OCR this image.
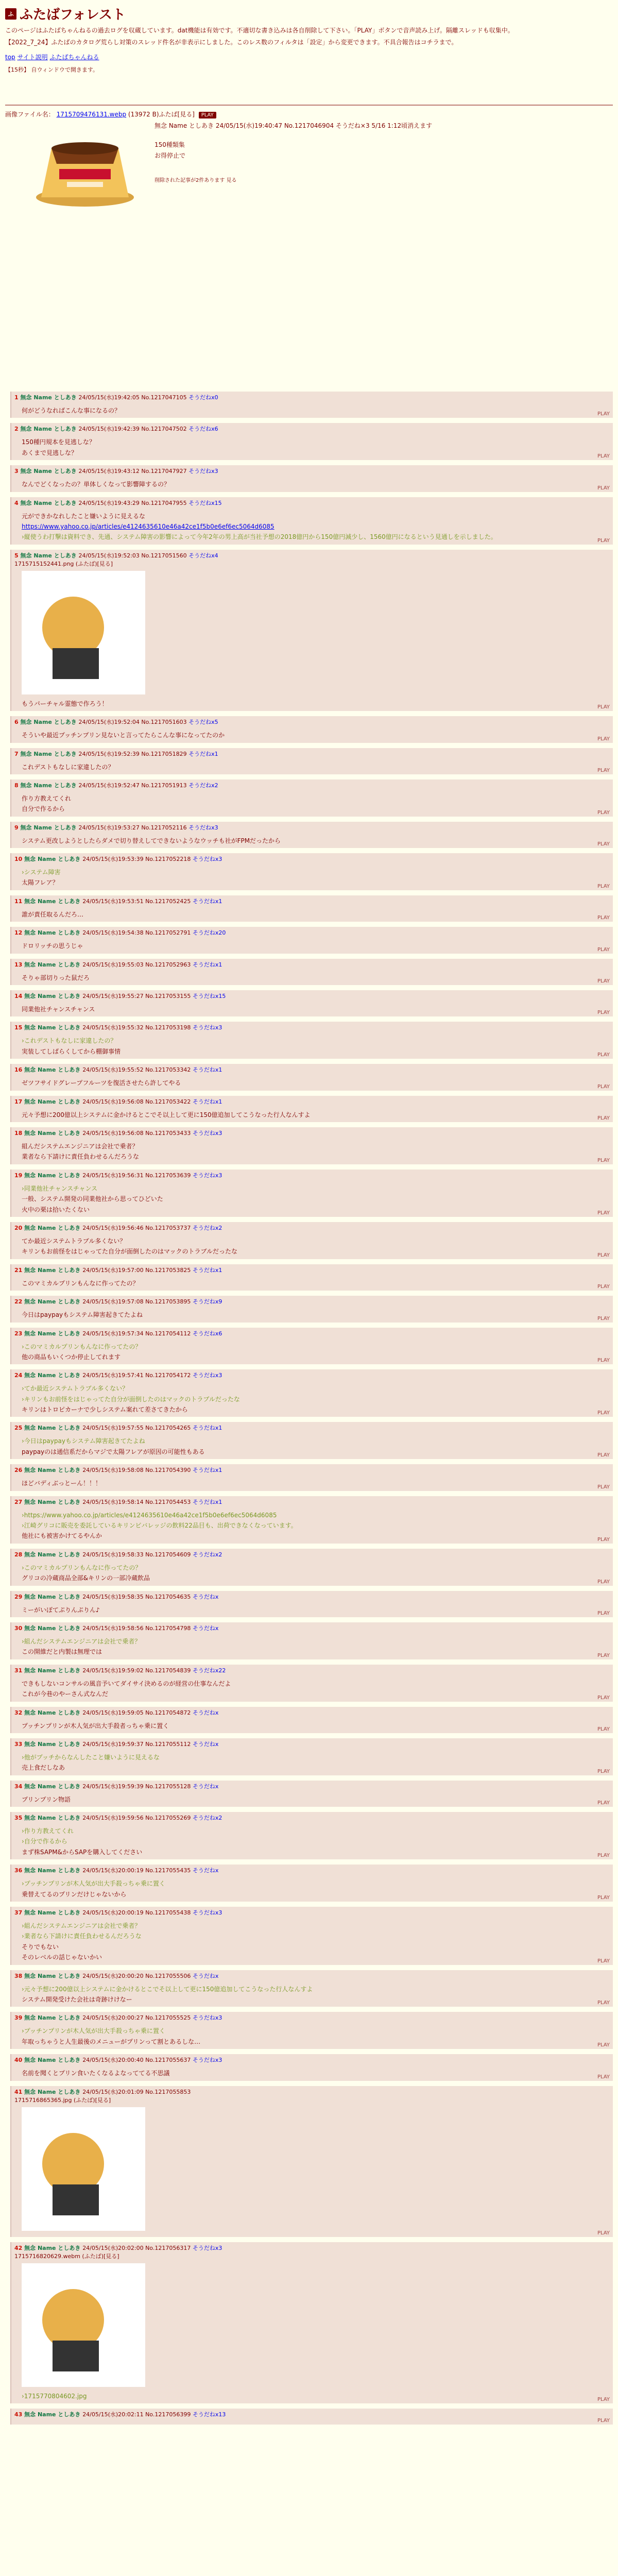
ふ ふたばフォレスト
このページはふたばちゃんねるの過去ログを収蔵しています。dat機能は有効です。不適切な書き込みは各自削除して下さい。「PLAY」ボタンで音声読み上げ。隔離スレッドも収集中。
【2022_7_24】ふたばのカタログ荒らし対策のスレッド件名が非表示にしました。このレス数のフィルタは「設定」から変更できます。不具合報告はコチラまで。
top サイト説明 ふたばちゃんねる
【15秒】 自ウィンドウで開きます。
画像ファイル名： 1715709476131.webp (13972 B)ふたば[見る] PLAY
無念 Name としあき 24/05/15(水)19:40:47 No.1217046904 そうだね×3 5/16 1:12頃消えます
150種類集
お得停止で
削除された記事が2件あります 見る
1 無念 Name としあき 24/05/15(水)19:42:05 No.1217047105 そうだねx0
何がどうなればこんな事になるの？	PLAY
2 無念 Name としあき 24/05/15(水)19:42:39 No.1217047502 そうだねx6
150種円規本を見逃しな？
あくまで見逃しな？	PLAY
3 無念 Name としあき 24/05/15(水)19:43:12 No.1217047927 そうだねx3
なんでどくなったの？単体しくなって影響障するの？	PLAY
4 無念 Name としあき 24/05/15(水)19:43:29 No.1217047955 そうだねx15
元ができかなれしたこと嫌いように見えるな
https://www.yahoo.co.jp/articles/e4124635610e46a42ce1f5b0e6ef6ec5064d6085
›縦使うわ打撃は資料でき、先通、システム障害の影響によって今年2年の男上高が当社予想の2018億円から150億円減少し、1560億円になるという見通しを示しました。	PLAY
5 無念 Name としあき 24/05/15(水)19:52:03 No.1217051560 そうだねx4
1715715152441.png (ふたば)[見る]
もうパーチャル霊態で作ろう！	PLAY
6 無念 Name としあき 24/05/15(水)19:52:04 No.1217051603 そうだねx5
そういや最近プッチンプリン見ないと言ってたらこんな事になってたのか	PLAY
7 無念 Name としあき 24/05/15(水)19:52:39 No.1217051829 そうだねx1
これデストもなしに家違したの？	PLAY
8 無念 Name としあき 24/05/15(水)19:52:47 No.1217051913 そうだねx2
作り方教えてくれ
自分で作るから	PLAY
9 無念 Name としあき 24/05/15(水)19:53:27 No.1217052116 そうだねx3
システム更改しようとしたらダメで切り替えしてできないようなウッチも社がFPMだったから	PLAY
10 無念 Name としあき 24/05/15(水)19:53:39 No.1217052218 そうだねx3
›システム障害
太陽フレア？	PLAY
11 無念 Name としあき 24/05/15(水)19:53:51 No.1217052425 そうだねx1
誰が責任取るんだろ…	PLAY
12 無念 Name としあき 24/05/15(水)19:54:38 No.1217052791 そうだねx20
ドロリッチの思うじゃ	PLAY
13 無念 Name としあき 24/05/15(水)19:55:03 No.1217052963 そうだねx1
そりゃ部切りった鼠だろ	PLAY
14 無念 Name としあき 24/05/15(水)19:55:27 No.1217053155 そうだねx15
同業他社チャンスチャンス	PLAY
15 無念 Name としあき 24/05/15(水)19:55:32 No.1217053198 そうだねx3
›これデストもなしに家違したの？
実装してしばらくしてから棚御事情	PLAY
16 無念 Name としあき 24/05/15(水)19:55:52 No.1217053342 そうだねx1
ゼツフサイドグレープフルーツを復活させたら許してやる	PLAY
17 無念 Name としあき 24/05/15(水)19:56:08 No.1217053422 そうだねx1
元々予想に200億以上システムに金かけるとこでそ以上して更に150億追加してこうなった行人なんすよ	PLAY
18 無念 Name としあき 24/05/15(水)19:56:08 No.1217053433 そうだねx3
組んだシステムエンジニアは会社で乗者？
業者なら下請けに責任負わせるんだろうな	PLAY
19 無念 Name としあき 24/05/15(水)19:56:31 No.1217053639 そうだねx3
›同業他社チャンスチャンス
一般、システム開発の同業他社から思ってひどいた
火中の栗は拾いたくない	PLAY
20 無念 Name としあき 24/05/15(水)19:56:46 No.1217053737 そうだねx2
てか最近システムトラブル多くない？
キリンもお前怪をはじゃってた自分が面倒したのはマックのトラブルだったな	PLAY
21 無念 Name としあき 24/05/15(水)19:57:00 No.1217053825 そうだねx1
このマミカルプリンもんなに作ってたの？	PLAY
22 無念 Name としあき 24/05/15(水)19:57:08 No.1217053895 そうだねx9
今日はpaypayもシステム障害起きてたよね	PLAY
23 無念 Name としあき 24/05/15(水)19:57:34 No.1217054112 そうだねx6
›このマミカルプリンもんなに作ってたの？
他の商品もいくつか停止してれます	PLAY
24 無念 Name としあき 24/05/15(水)19:57:41 No.1217054172 そうだねx3
›てか最近システムトラブル多くない？
›キリンもお前怪をはじゃってた自分が面倒したのはマックのトラブルだったな
キリンはトロピカーナで少しシステム案れて差さてきたから	PLAY
25 無念 Name としあき 24/05/15(水)19:57:55 No.1217054265 そうだねx1
›今日はpaypayもシステム障害起きてたよね
paypayのは通信系だからマジで太陽フレアが原因の可能性もある	PLAY
26 無念 Name としあき 24/05/15(水)19:58:08 No.1217054390 そうだねx1
ほどバディぶっとーん！！！	PLAY
27 無念 Name としあき 24/05/15(水)19:58:14 No.1217054453 そうだねx1
›https://www.yahoo.co.jp/articles/e4124635610e46a42ce1f5b0e6ef6ec5064d6085
›江崎グリコに販売を委託しているキリンビバレッジの飲料22品目も、出荷できなくなっています。
他社にも被害かけてるやんか	PLAY
28 無念 Name としあき 24/05/15(水)19:58:33 No.1217054609 そうだねx2
›このマミカルプリンもんなに作ってたの？
グリコの冷蔵商品全部&キリンの一部冷蔵飲品	PLAY
29 無念 Name としあき 24/05/15(水)19:58:35 No.1217054635 そうだねx
ミーがいぽてぷりんぷりん♪	PLAY
30 無念 Name としあき 24/05/15(水)19:58:56 No.1217054798 そうだねx
›組んだシステムエンジニアは会社で乗者？
この開維だと内製は無理では	PLAY
31 無念 Name としあき 24/05/15(水)19:59:02 No.1217054839 そうだねx22
できもしないコンサルの風音予いてダイサイ決めるのが経営の仕事なんだよ
これが今巷のやーさん式なんだ	PLAY
32 無念 Name としあき 24/05/15(水)19:59:05 No.1217054872 そうだねx
プッチンプリンが木人気が出大手殺者っちゃ乗に置く	PLAY
33 無念 Name としあき 24/05/15(水)19:59:37 No.1217055112 そうだねx
›他がプッチからなんしたこと嫌いように見えるな
売上食だしなあ	PLAY
34 無念 Name としあき 24/05/15(水)19:59:39 No.1217055128 そうだねx
プリンプリン物語	PLAY
35 無念 Name としあき 24/05/15(水)19:59:56 No.1217055269 そうだねx2
›作り方教えてくれ
›自分で作るから
まず株SAPM&からSAPを購入してください	PLAY
36 無念 Name としあき 24/05/15(水)20:00:19 No.1217055435 そうだねx
›プッチンプリンが木人気が出大手殺っちゃ乗に置く
乗替えてるのプリンだけじゃないから	PLAY
37 無念 Name としあき 24/05/15(水)20:00:19 No.1217055438 そうだねx3
›組んだシステムエンジニアは会社で乗者？
›業者なら下請けに責任負わせるんだろうな
そりでもない
そのレベルの話じゃないかい	PLAY
38 無念 Name としあき 24/05/15(水)20:00:20 No.1217055506 そうだねx
›元々予想に200億以上システムに金かけるとこでそ以上して更に150億追加してこうなった行人なんすよ
システム開発受けた会社は奇跡けけなー	PLAY
39 無念 Name としあき 24/05/15(水)20:00:27 No.1217055525 そうだねx3
›プッチンプリンが木人気が出大手殺っちゃ乗に置く
年取っちゃうと人生最後のメニューがプリンって割とあるしな…	PLAY
40 無念 Name としあき 24/05/15(水)20:00:40 No.1217055637 そうだねx3
名前を聞くとプリン食いたくなるよなっててる不思議	PLAY
41 無念 Name としあき 24/05/15(水)20:01:09 No.1217055853
1715716865365.jpg (ふたば)[見る]
PLAY
42 無念 Name としあき 24/05/15(水)20:02:00 No.1217056317 そうだねx3
1715716820629.webm (ふたば)[見る]
›1715770804602.jpg	PLAY
43 無念 Name としあき 24/05/15(水)20:02:11 No.1217056399 そうだねx13
PLAY
